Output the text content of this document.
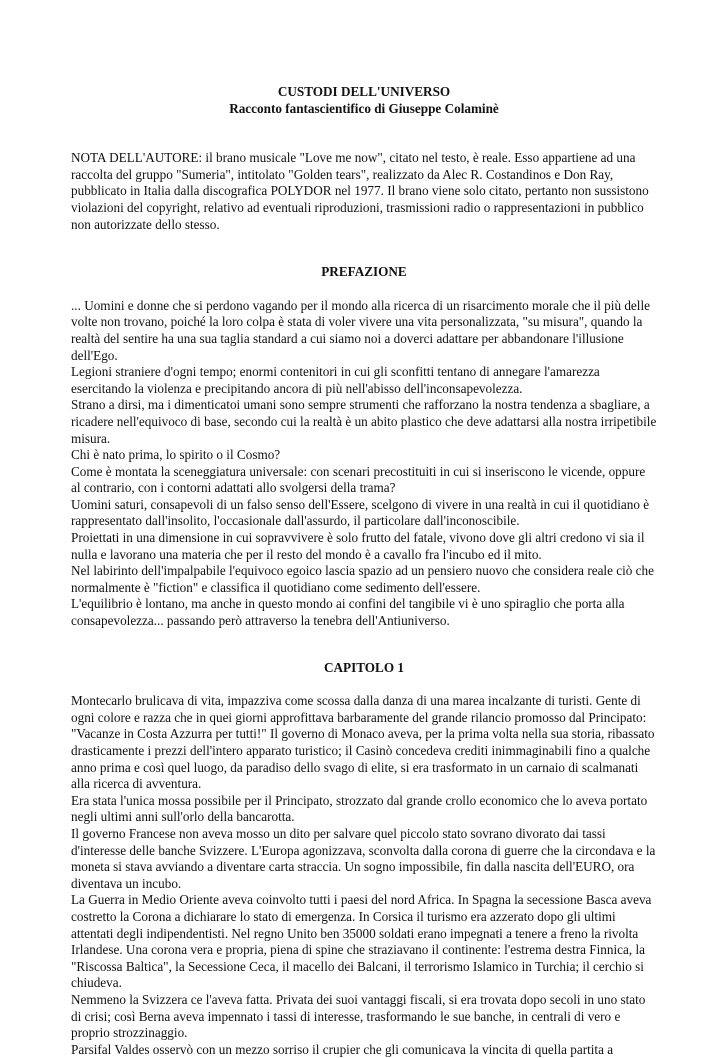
CUSTODI DELL'UNIVERSO
Racconto fantascientifico di Giuseppe Colaminè

NOTA DELL'AUTORE: il brano musicale "Love me now", citato nel testo, è reale. Esso appartiene ad una raccolta del gruppo "Sumeria", intitolato "Golden tears", realizzato da Alec R. Costandinos e Don Ray, pubblicato in Italia dalla discografica POLYDOR nel 1977. Il brano viene solo citato, pertanto non sussistono violazioni del copyright, relativo ad eventuali riproduzioni, trasmissioni radio o rappresentazioni in pubblico non autorizzate dello stesso.

PREFAZIONE

... Uomini e donne che si perdono vagando per il mondo alla ricerca di un risarcimento morale che il più delle volte non trovano, poiché la loro colpa è stata di voler vivere una vita personalizzata, "su misura", quando la realtà del sentire ha una sua taglia standard a cui siamo noi a doverci adattare per abbandonare l'illusione dell'Ego.

Legioni straniere d'ogni tempo; enormi contenitori in cui gli sconfitti tentano di annegare l'amarezza esercitando la violenza e precipitando ancora di più nell'abisso dell'inconsapevolezza.

Strano a dirsi, ma i dimenticatoi umani sono sempre strumenti che rafforzano la nostra tendenza a sbagliare, a ricadere nell'equivoco di base, secondo cui la realtà è un abito plastico che deve adattarsi alla nostra irripetibile misura.

Chi è nato prima, lo spirito o il Cosmo?

Come è montata la sceneggiatura universale: con scenari precostituiti in cui si inseriscono le vicende, oppure al contrario, con i contorni adattati allo svolgersi della trama?

Uomini saturi, consapevoli di un falso senso dell'Essere, scelgono di vivere in una realtà in cui il quotidiano è rappresentato dall'insolito, l'occasionale dall'assurdo, il particolare dall'inconoscibile.

Proiettati in una dimensione in cui sopravvivere è solo frutto del fatale, vivono dove gli altri credono vi sia il nulla e lavorano una materia che per il resto del mondo è a cavallo fra l'incubo ed il mito.

Nel labirinto dell'impalpabile l'equivoco egoico lascia spazio ad un pensiero nuovo che considera reale ciò che normalmente è "fiction" e classifica il quotidiano come sedimento dell'essere.

L'equilibrio è lontano, ma anche in questo mondo ai confini del tangibile vi è uno spiraglio che porta alla consapevolezza... passando però attraverso la tenebra dell'Antiuniverso.

CAPITOLO 1

Montecarlo brulicava di vita, impazziva come scossa dalla danza di una marea incalzante di turisti. Gente di ogni colore e razza che in quei giorni approfittava barbaramente del grande rilancio promosso dal Principato: "Vacanze in Costa Azzurra per tutti!" Il governo di Monaco aveva, per la prima volta nella sua storia, ribassato drasticamente i prezzi dell'intero apparato turistico; il Casinò concedeva crediti inimmaginabili fino a qualche anno prima e così quel luogo, da paradiso dello svago di elite, si era trasformato in un carnaio di scalmanati alla ricerca di avventura.

Era stata l'unica mossa possibile per il Principato, strozzato dal grande crollo economico che lo aveva portato negli ultimi anni sull'orlo della bancarotta.

Il governo Francese non aveva mosso un dito per salvare quel piccolo stato sovrano divorato dai tassi d'interesse delle banche Svizzere. L'Europa agonizzava, sconvolta dalla corona di guerre che la circondava e la moneta si stava avviando a diventare carta straccia. Un sogno impossibile, fin dalla nascita dell'EURO, ora diventava un incubo.

La Guerra in Medio Oriente aveva coinvolto tutti i paesi del nord Africa. In Spagna la secessione Basca aveva costretto la Corona a dichiarare lo stato di emergenza. In Corsica il turismo era azzerato dopo gli ultimi attentati degli indipendentisti. Nel regno Unito ben 35000 soldati erano impegnati a tenere a freno la rivolta Irlandese. Una corona vera e propria, piena di spine che straziavano il continente: l'estrema destra Finnica, la "Riscossa Baltica", la Secessione Ceca, il macello dei Balcani, il terrorismo Islamico in Turchia; il cerchio si chiudeva.

Nemmeno la Svizzera ce l'aveva fatta. Privata dei suoi vantaggi fiscali, si era trovata dopo secoli in uno stato di crisi; così Berna aveva impennato i tassi di interesse, trasformando le sue banche, in centrali di vero e proprio strozzinaggio.

Parsifal Valdes osservò con un mezzo sorriso il crupier che gli comunicava la vincita di quella partita a
